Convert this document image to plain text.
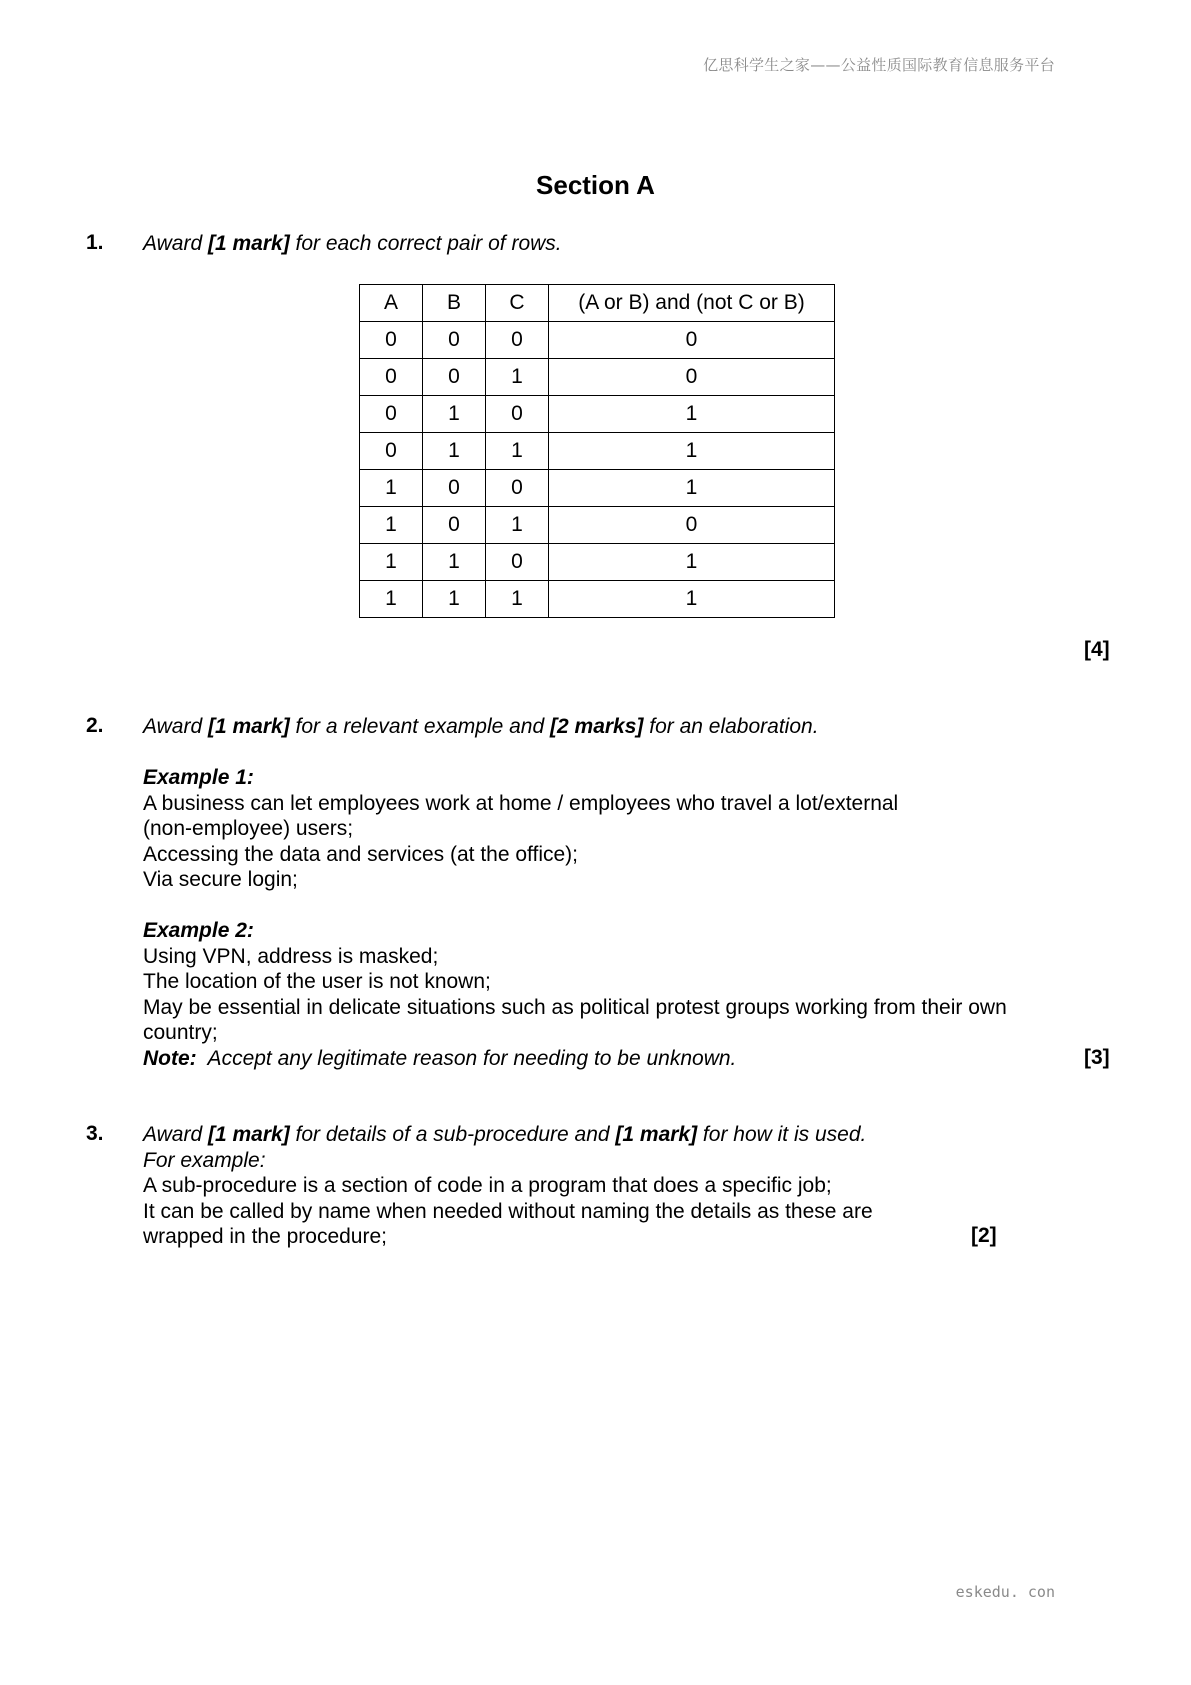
亿思科学生之家——公益性质国际教育信息服务平台
Section A
1. Award [1 mark] for each correct pair of rows.
A	B	C	(A or B) and (not C or B)
0	0	0	0
0	0	1	0
0	1	0	1
0	1	1	1
1	0	0	1
1	0	1	0
1	1	0	1
1	1	1	1
[4]
2. Award [1 mark] for a relevant example and [2 marks] for an elaboration.
Example 1:
A business can let employees work at home / employees who travel a lot/external
(non-employee) users;
Accessing the data and services (at the office);
Via secure login;
Example 2:
Using VPN, address is masked;
The location of the user is not known;
May be essential in delicate situations such as political protest groups working from their own
country;
Note:  Accept any legitimate reason for needing to be unknown.	[3]
3. Award [1 mark] for details of a sub-procedure and [1 mark] for how it is used.
For example:
A sub-procedure is a section of code in a program that does a specific job;
It can be called by name when needed without naming the details as these are
wrapped in the procedure;	[2]
eskedu. con
